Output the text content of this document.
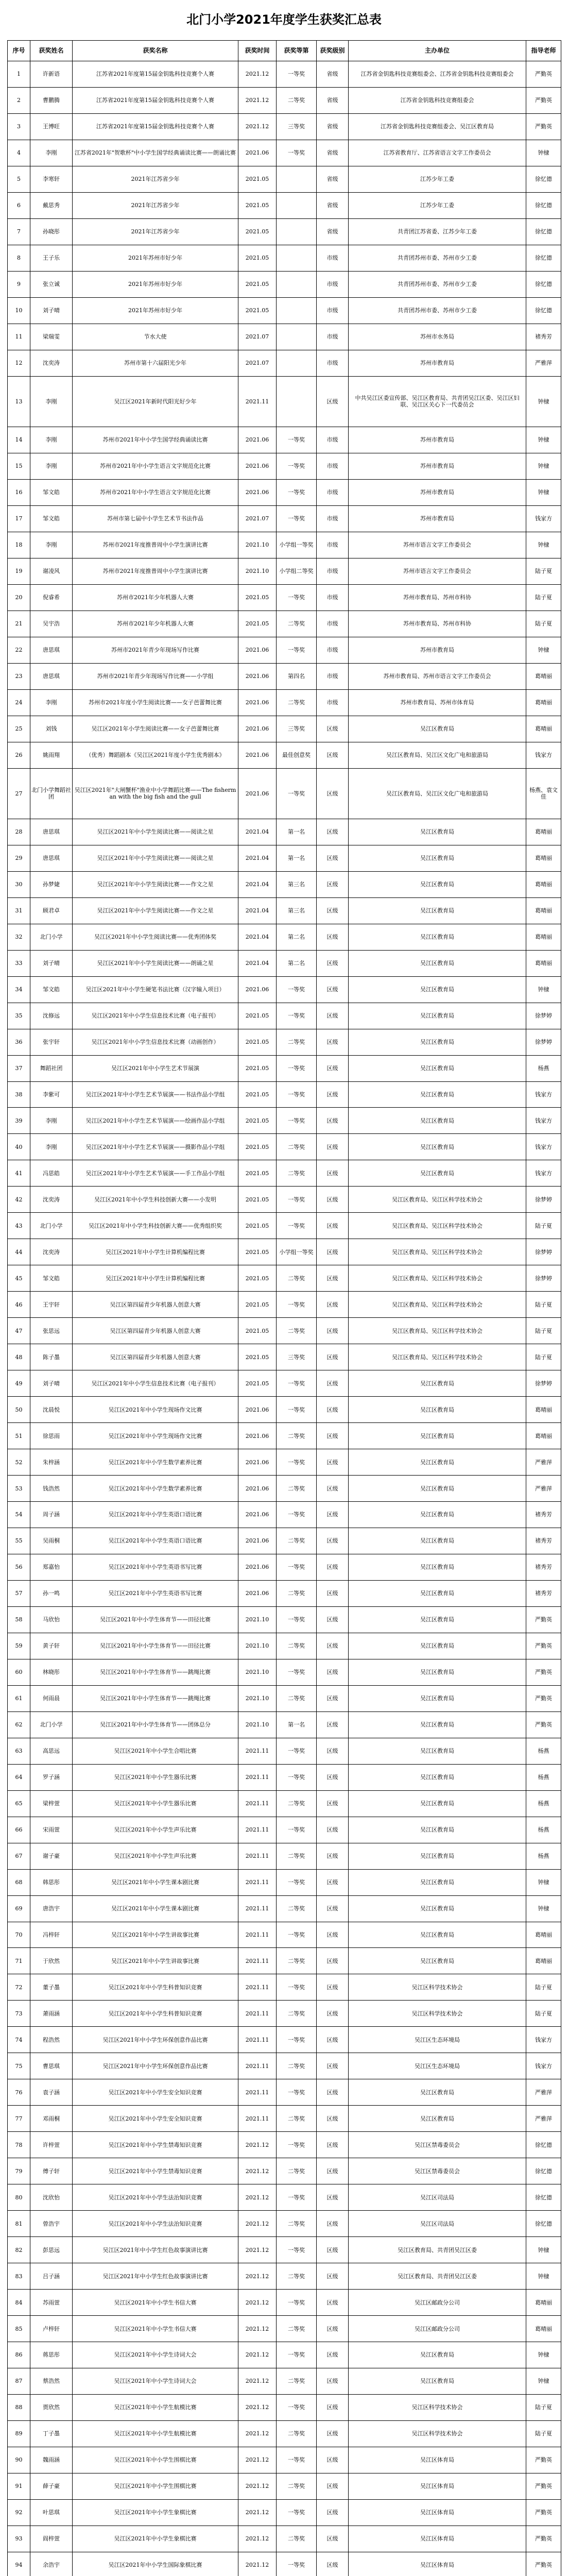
北门小学2021年度学生获奖汇总表
序号	获奖姓名	获奖名称	获奖时间	获奖等第	获奖级别	主办单位	指导老师
1	许新语	江苏省2021年度第15届金钥匙科技竞赛个人赛	2021.12	一等奖	省级	江苏省金钥匙科技竞赛组委会、江苏省金钥匙科技竞赛组委会	严勤英
2	曹鹏腾	江苏省2021年度第15届金钥匙科技竞赛个人赛	2021.12	二等奖	省级	江苏省金钥匙科技竞赛组委会	严勤英
3	王博旺	江苏省2021年度第15届金钥匙科技竞赛个人赛	2021.12	三等奖	省级	江苏省金钥匙科技竞赛组委会、吴江区教育局	严勤英
4	李刚	江苏省2021年"贺歌杯"中小学生国学经典诵读比赛——朗诵比赛	2021.06	一等奖	省级	江苏省教育厅、江苏省语言文字工作委员会	钟棣
5	李寒轩	2021年江苏省少年	2021.05		省级	江苏少年工委	徐忆德
6	戴思秀	2021年江苏省少年	2021.05		省级	江苏少年工委	徐忆德
7	孙晓彤	2021年江苏省少年	2021.05		省级	共青团江苏省委、江苏少年工委	徐忆德
8	王子乐	2021年苏州市好少年	2021.05		市级	共青团苏州市委、苏州市少工委	徐忆德
9	张立诚	2021年苏州市好少年	2021.05		市级	共青团苏州市委、苏州市少工委	徐忆德
10	刘子晴	2021年苏州市好少年	2021.05		市级	共青团苏州市委、苏州市少工委	徐忆德
11	梁瑞雯	节水大使	2021.07		市级	苏州市水务局	褚秀芳
12	沈奕涛	苏州市第十六届阳光少年	2021.07		市级	苏州市教育局	严雅萍
13	李刚	吴江区2021年新时代阳光好少年	2021.11		区级	中共吴江区委宣传部、吴江区教育局、共青团吴江区委、吴江区妇联、吴江区关心下一代委员会	钟棣
14	李刚	苏州市2021年中小学生国学经典诵读比赛	2021.06	一等奖	市级	苏州市教育局	钟棣
15	李刚	苏州市2021年中小学生语言文字规范化比赛	2021.06	一等奖	市级	苏州市教育局	钟棣
16	邹文皓	苏州市2021年中小学生语言文字规范化比赛	2021.06	一等奖	市级	苏州市教育局	钟棣
17	邹文皓	苏州市第七届中小学生艺术节书法作品	2021.07	一等奖	市级	苏州市教育局	钱家方
18	李刚	苏州市2021年度推普周中小学生演讲比赛	2021.10	小学组一等奖	市级	苏州市语言文字工作委员会	钟棣
19	谢凌风	苏州市2021年度推普周中小学生演讲比赛	2021.10	小学组二等奖	市级	苏州市语言文字工作委员会	陆子夏
20	倪睿希	苏州市2021年少年机器人大赛	2021.05	一等奖	市级	苏州市教育局、苏州市科协	陆子夏
21	吴宇浩	苏州市2021年少年机器人大赛	2021.05	二等奖	市级	苏州市教育局、苏州市科协	陆子夏
22	唐思琪	苏州市2021年青少年现场写作比赛	2021.06	一等奖	市级	苏州市教育局	钟棣
23	唐思琪	苏州市2021年青少年现场写作比赛——小学组	2021.06	第四名	市级	苏州市教育局、苏州市语言文字工作委员会	葛晴丽
24	李刚	苏州市2021年度小学生阅读比赛——女子芭蕾舞比赛	2021.06	二等奖	市级	苏州市教育局、苏州市体育局	葛晴丽
25	刘钱	吴江区2021年小学生阅读比赛——女子芭蕾舞比赛	2021.06	三等奖	区级	吴江区教育局	葛晴丽
26	姚雨翔	（优秀）舞蹈剧本《吴江区2021年度小学生优秀剧本》	2021.06	最佳创意奖	区级	吴江区教育局、吴江区文化广电和旅游局	钱家方
27	北门小学舞蹈社团	吴江区2021年"大闸蟹杯"渔业中小学舞蹈比赛——The fisherman with the big fish and the gull	2021.06	一等奖	区级	吴江区教育局、吴江区文化广电和旅游局	杨燕、袁文佳
28	唐思琪	吴江区2021年中小学生阅读比赛——阅读之星	2021.04	第一名	区级	吴江区教育局	葛晴丽
29	唐思琪	吴江区2021年中小学生阅读比赛——阅读之星	2021.04	第一名	区级	吴江区教育局	葛晴丽
30	孙梦婕	吴江区2021年中小学生阅读比赛——作文之星	2021.04	第三名	区级	吴江区教育局	葛晴丽
31	顾君卓	吴江区2021年中小学生阅读比赛——作文之星	2021.04	第三名	区级	吴江区教育局	葛晴丽
32	北门小学	吴江区2021年中小学生阅读比赛——优秀团体奖	2021.04	第二名	区级	吴江区教育局	葛晴丽
33	刘子晴	吴江区2021年中小学生阅读比赛——朗诵之星	2021.04	第二名	区级	吴江区教育局	葛晴丽
34	邹文皓	吴江区2021年中小学生硬笔书法比赛（汉字输入项目）	2021.06	一等奖	区级	吴江区教育局	钟棣
35	沈修远	吴江区2021年中小学生信息技术比赛（电子报刊）	2021.05	一等奖	区级	吴江区教育局	徐梦婷
36	张宇轩	吴江区2021年中小学生信息技术比赛（动画创作）	2021.05	二等奖	区级	吴江区教育局	徐梦婷
37	舞蹈社团	吴江区2021年中小学生艺术节展演	2021.05	一等奖	区级	吴江区教育局	杨燕
38	李紫可	吴江区2021年中小学生艺术节展演——书法作品小学组	2021.05	一等奖	区级	吴江区教育局	钱家方
39	李刚	吴江区2021年中小学生艺术节展演——绘画作品小学组	2021.05	一等奖	区级	吴江区教育局	钱家方
40	李刚	吴江区2021年中小学生艺术节展演——摄影作品小学组	2021.05	二等奖	区级	吴江区教育局	钱家方
41	冯思皓	吴江区2021年中小学生艺术节展演——手工作品小学组	2021.05	二等奖	区级	吴江区教育局	钱家方
42	沈奕涛	吴江区2021年中小学生科技创新大赛——小发明	2021.05	一等奖	区级	吴江区教育局、吴江区科学技术协会	徐梦婷
43	北门小学	吴江区2021年中小学生科技创新大赛——优秀组织奖	2021.05	一等奖	区级	吴江区教育局、吴江区科学技术协会	陆子夏
44	沈奕涛	吴江区2021年中小学生计算机编程比赛	2021.05	小学组一等奖	区级	吴江区教育局、吴江区科学技术协会	徐梦婷
45	邹文皓	吴江区2021年中小学生计算机编程比赛	2021.05	二等奖	区级	吴江区教育局、吴江区科学技术协会	徐梦婷
46	王宇轩	吴江区第四届青少年机器人创意大赛	2021.05	一等奖	区级	吴江区教育局、吴江区科学技术协会	陆子夏
47	张思远	吴江区第四届青少年机器人创意大赛	2021.05	二等奖	区级	吴江区教育局、吴江区科学技术协会	陆子夏
48	陈子墨	吴江区第四届青少年机器人创意大赛	2021.05	三等奖	区级	吴江区教育局、吴江区科学技术协会	陆子夏
49	刘子晴	吴江区2021年中小学生信息技术比赛（电子报刊）	2021.05	一等奖	区级	吴江区教育局	徐梦婷
50	沈晨悦	吴江区2021年中小学生现场作文比赛	2021.06	一等奖	区级	吴江区教育局	葛晴丽
51	徐思雨	吴江区2021年中小学生现场作文比赛	2021.06	二等奖	区级	吴江区教育局	葛晴丽
52	朱梓涵	吴江区2021年中小学生数学素养比赛	2021.06	一等奖	区级	吴江区教育局	严雅萍
53	钱浩然	吴江区2021年中小学生数学素养比赛	2021.06	二等奖	区级	吴江区教育局	严雅萍
54	周子涵	吴江区2021年中小学生英语口语比赛	2021.06	一等奖	区级	吴江区教育局	褚秀芳
55	吴雨桐	吴江区2021年中小学生英语口语比赛	2021.06	二等奖	区级	吴江区教育局	褚秀芳
56	郑嘉怡	吴江区2021年中小学生英语书写比赛	2021.06	一等奖	区级	吴江区教育局	褚秀芳
57	孙一鸣	吴江区2021年中小学生英语书写比赛	2021.06	二等奖	区级	吴江区教育局	褚秀芳
58	马欣怡	吴江区2021年中小学生体育节——田径比赛	2021.10	一等奖	区级	吴江区教育局	严勤英
59	黄子轩	吴江区2021年中小学生体育节——田径比赛	2021.10	二等奖	区级	吴江区教育局	严勤英
60	林晓彤	吴江区2021年中小学生体育节——跳绳比赛	2021.10	一等奖	区级	吴江区教育局	严勤英
61	何雨晨	吴江区2021年中小学生体育节——跳绳比赛	2021.10	二等奖	区级	吴江区教育局	严勤英
62	北门小学	吴江区2021年中小学生体育节——团体总分	2021.10	第一名	区级	吴江区教育局	严勤英
63	高思远	吴江区2021年中小学生合唱比赛	2021.11	一等奖	区级	吴江区教育局	杨燕
64	罗子涵	吴江区2021年中小学生器乐比赛	2021.11	一等奖	区级	吴江区教育局	杨燕
65	梁梓萱	吴江区2021年中小学生器乐比赛	2021.11	二等奖	区级	吴江区教育局	杨燕
66	宋雨萱	吴江区2021年中小学生声乐比赛	2021.11	一等奖	区级	吴江区教育局	杨燕
67	谢子豪	吴江区2021年中小学生声乐比赛	2021.11	二等奖	区级	吴江区教育局	杨燕
68	韩思彤	吴江区2021年中小学生课本剧比赛	2021.11	一等奖	区级	吴江区教育局	钟棣
69	唐浩宇	吴江区2021年中小学生课本剧比赛	2021.11	二等奖	区级	吴江区教育局	钟棣
70	冯梓轩	吴江区2021年中小学生讲故事比赛	2021.11	一等奖	区级	吴江区教育局	葛晴丽
71	于欣然	吴江区2021年中小学生讲故事比赛	2021.11	二等奖	区级	吴江区教育局	葛晴丽
72	董子墨	吴江区2021年中小学生科普知识竞赛	2021.11	一等奖	区级	吴江区科学技术协会	陆子夏
73	萧雨涵	吴江区2021年中小学生科普知识竞赛	2021.11	二等奖	区级	吴江区科学技术协会	陆子夏
74	程浩然	吴江区2021年中小学生环保创意作品比赛	2021.11	一等奖	区级	吴江区生态环境局	钱家方
75	曹思琪	吴江区2021年中小学生环保创意作品比赛	2021.11	二等奖	区级	吴江区生态环境局	钱家方
76	袁子涵	吴江区2021年中小学生安全知识竞赛	2021.11	一等奖	区级	吴江区教育局	严雅萍
77	邓雨桐	吴江区2021年中小学生安全知识竞赛	2021.11	二等奖	区级	吴江区教育局	严雅萍
78	许梓萱	吴江区2021年中小学生禁毒知识竞赛	2021.12	一等奖	区级	吴江区禁毒委员会	徐忆德
79	傅子轩	吴江区2021年中小学生禁毒知识竞赛	2021.12	二等奖	区级	吴江区禁毒委员会	徐忆德
80	沈欣怡	吴江区2021年中小学生法治知识竞赛	2021.12	一等奖	区级	吴江区司法局	徐忆德
81	曾浩宇	吴江区2021年中小学生法治知识竞赛	2021.12	二等奖	区级	吴江区司法局	徐忆德
82	彭思远	吴江区2021年中小学生红色故事演讲比赛	2021.12	一等奖	区级	吴江区教育局、共青团吴江区委	钟棣
83	吕子涵	吴江区2021年中小学生红色故事演讲比赛	2021.12	二等奖	区级	吴江区教育局、共青团吴江区委	钟棣
84	苏雨萱	吴江区2021年中小学生书信大赛	2021.12	一等奖	区级	吴江区邮政分公司	葛晴丽
85	卢梓轩	吴江区2021年中小学生书信大赛	2021.12	二等奖	区级	吴江区邮政分公司	葛晴丽
86	蒋思彤	吴江区2021年中小学生诗词大会	2021.12	一等奖	区级	吴江区教育局	钟棣
87	蔡浩然	吴江区2021年中小学生诗词大会	2021.12	二等奖	区级	吴江区教育局	钟棣
88	贾欣然	吴江区2021年中小学生航模比赛	2021.12	一等奖	区级	吴江区科学技术协会	陆子夏
89	丁子墨	吴江区2021年中小学生航模比赛	2021.12	二等奖	区级	吴江区科学技术协会	陆子夏
90	魏雨涵	吴江区2021年中小学生围棋比赛	2021.12	一等奖	区级	吴江区体育局	严勤英
91	薛子豪	吴江区2021年中小学生围棋比赛	2021.12	二等奖	区级	吴江区体育局	严勤英
92	叶思琪	吴江区2021年中小学生象棋比赛	2021.12	一等奖	区级	吴江区体育局	严勤英
93	阎梓萱	吴江区2021年中小学生象棋比赛	2021.12	二等奖	区级	吴江区体育局	严勤英
94	余浩宇	吴江区2021年中小学生国际象棋比赛	2021.12	一等奖	区级	吴江区体育局	严勤英
